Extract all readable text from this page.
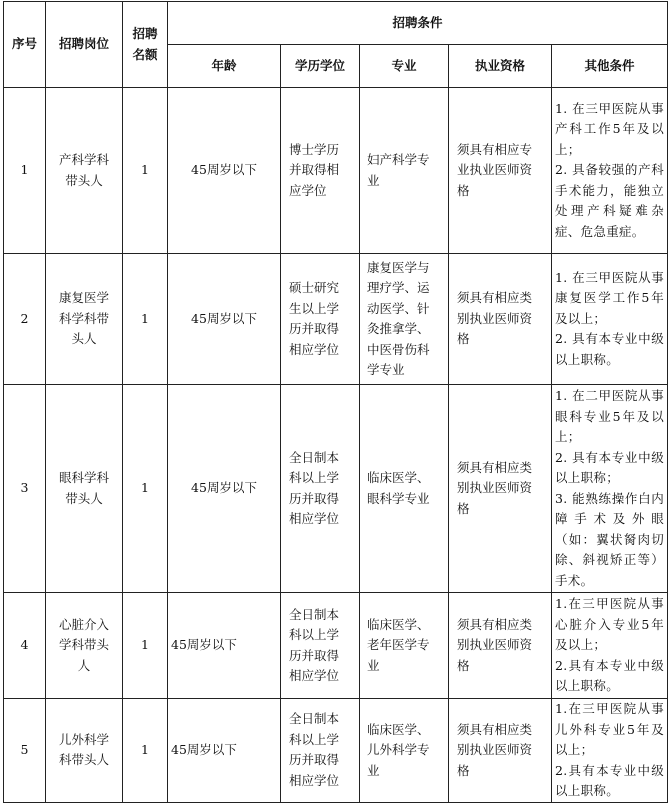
序号	招聘岗位	招聘名额	招聘条件				
			年龄	学历学位	专业	执业资格	其他条件
1	产科学科带头人	1	45周岁以下	博士学历并取得相应学位	妇产科学专业	须具有相应专业执业医师资格	1. 在三甲医院从事产科工作5年及以上；
2. 具备较强的产科手术能力，能独立处理产科疑难杂症、危急重症。
2	康复医学科学科带头人	1	45周岁以下	硕士研究生以上学历并取得相应学位	康复医学与理疗学、运动医学、针灸推拿学、中医骨伤科学专业	须具有相应类别执业医师资格	1. 在三甲医院从事康复医学工作5年及以上；
2. 具有本专业中级以上职称。
3	眼科学科带头人	1	45周岁以下	全日制本科以上学历并取得相应学位	临床医学、眼科学专业	须具有相应类别执业医师资格	1. 在二甲医院从事眼科专业5年及以上；
2. 具有本专业中级以上职称；
3. 能熟练操作白内障手术及外眼（如：翼状胬肉切除、斜视矫正等）手术。
4	心脏介入学科带头人	1	45周岁以下	全日制本科以上学历并取得相应学位	临床医学、老年医学专业	须具有相应类别执业医师资格	1.在三甲医院从事心脏介入专业5年及以上；
2.具有本专业中级以上职称。
5	儿外科学科带头人	1	45周岁以下	全日制本科以上学历并取得相应学位	临床医学、儿外科学专业	须具有相应类别执业医师资格	1.在三甲医院从事儿外科专业5年及以上；
2.具有本专业中级以上职称。
